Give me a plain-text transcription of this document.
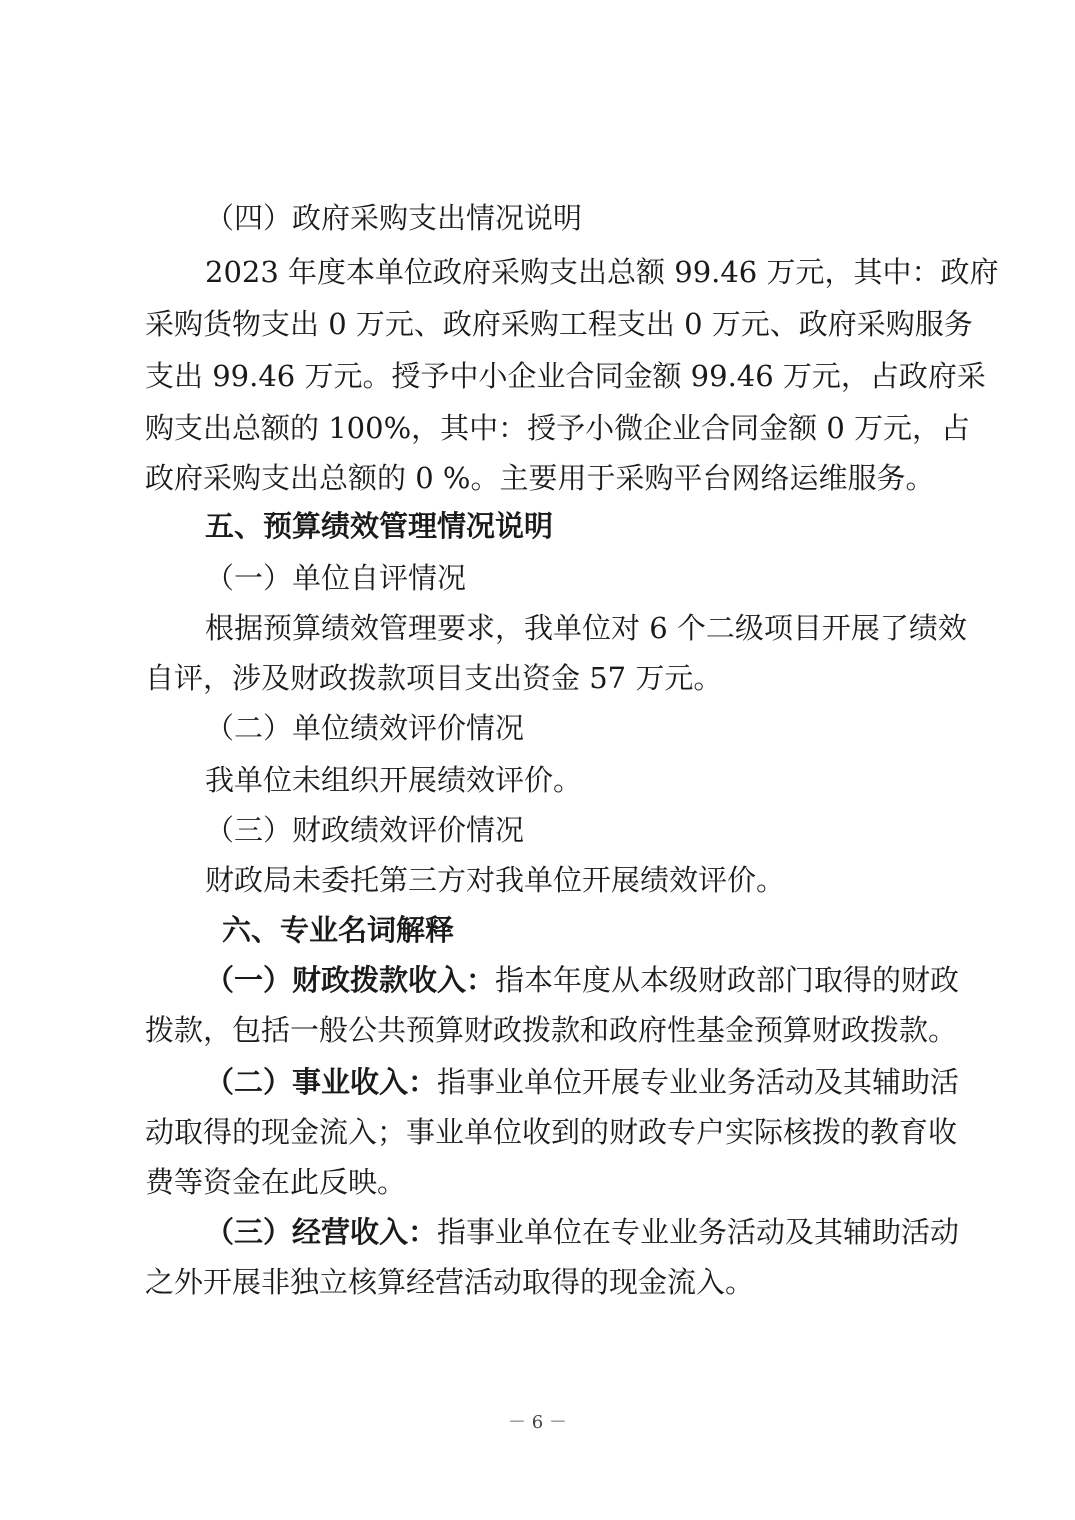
（四）政府采购支出情况说明
2023 年度本单位政府采购支出总额 99.46 万元，其中：政府
采购货物支出 0 万元、政府采购工程支出 0 万元、政府采购服务
支出 99.46 万元。授予中小企业合同金额 99.46 万元，占政府采
购支出总额的 100%，其中：授予小微企业合同金额 0 万元，占
政府采购支出总额的 0 %。主要用于采购平台网络运维服务。
五、预算绩效管理情况说明
（一）单位自评情况
根据预算绩效管理要求，我单位对 6 个二级项目开展了绩效
自评，涉及财政拨款项目支出资金 57 万元。
（二）单位绩效评价情况
我单位未组织开展绩效评价。
（三）财政绩效评价情况
财政局未委托第三方对我单位开展绩效评价。
六、专业名词解释
（一）财政拨款收入：指本年度从本级财政部门取得的财政
拨款，包括一般公共预算财政拨款和政府性基金预算财政拨款。
（二）事业收入：指事业单位开展专业业务活动及其辅助活
动取得的现金流入；事业单位收到的财政专户实际核拨的教育收
费等资金在此反映。
（三）经营收入：指事业单位在专业业务活动及其辅助活动
之外开展非独立核算经营活动取得的现金流入。
－ 6 －
